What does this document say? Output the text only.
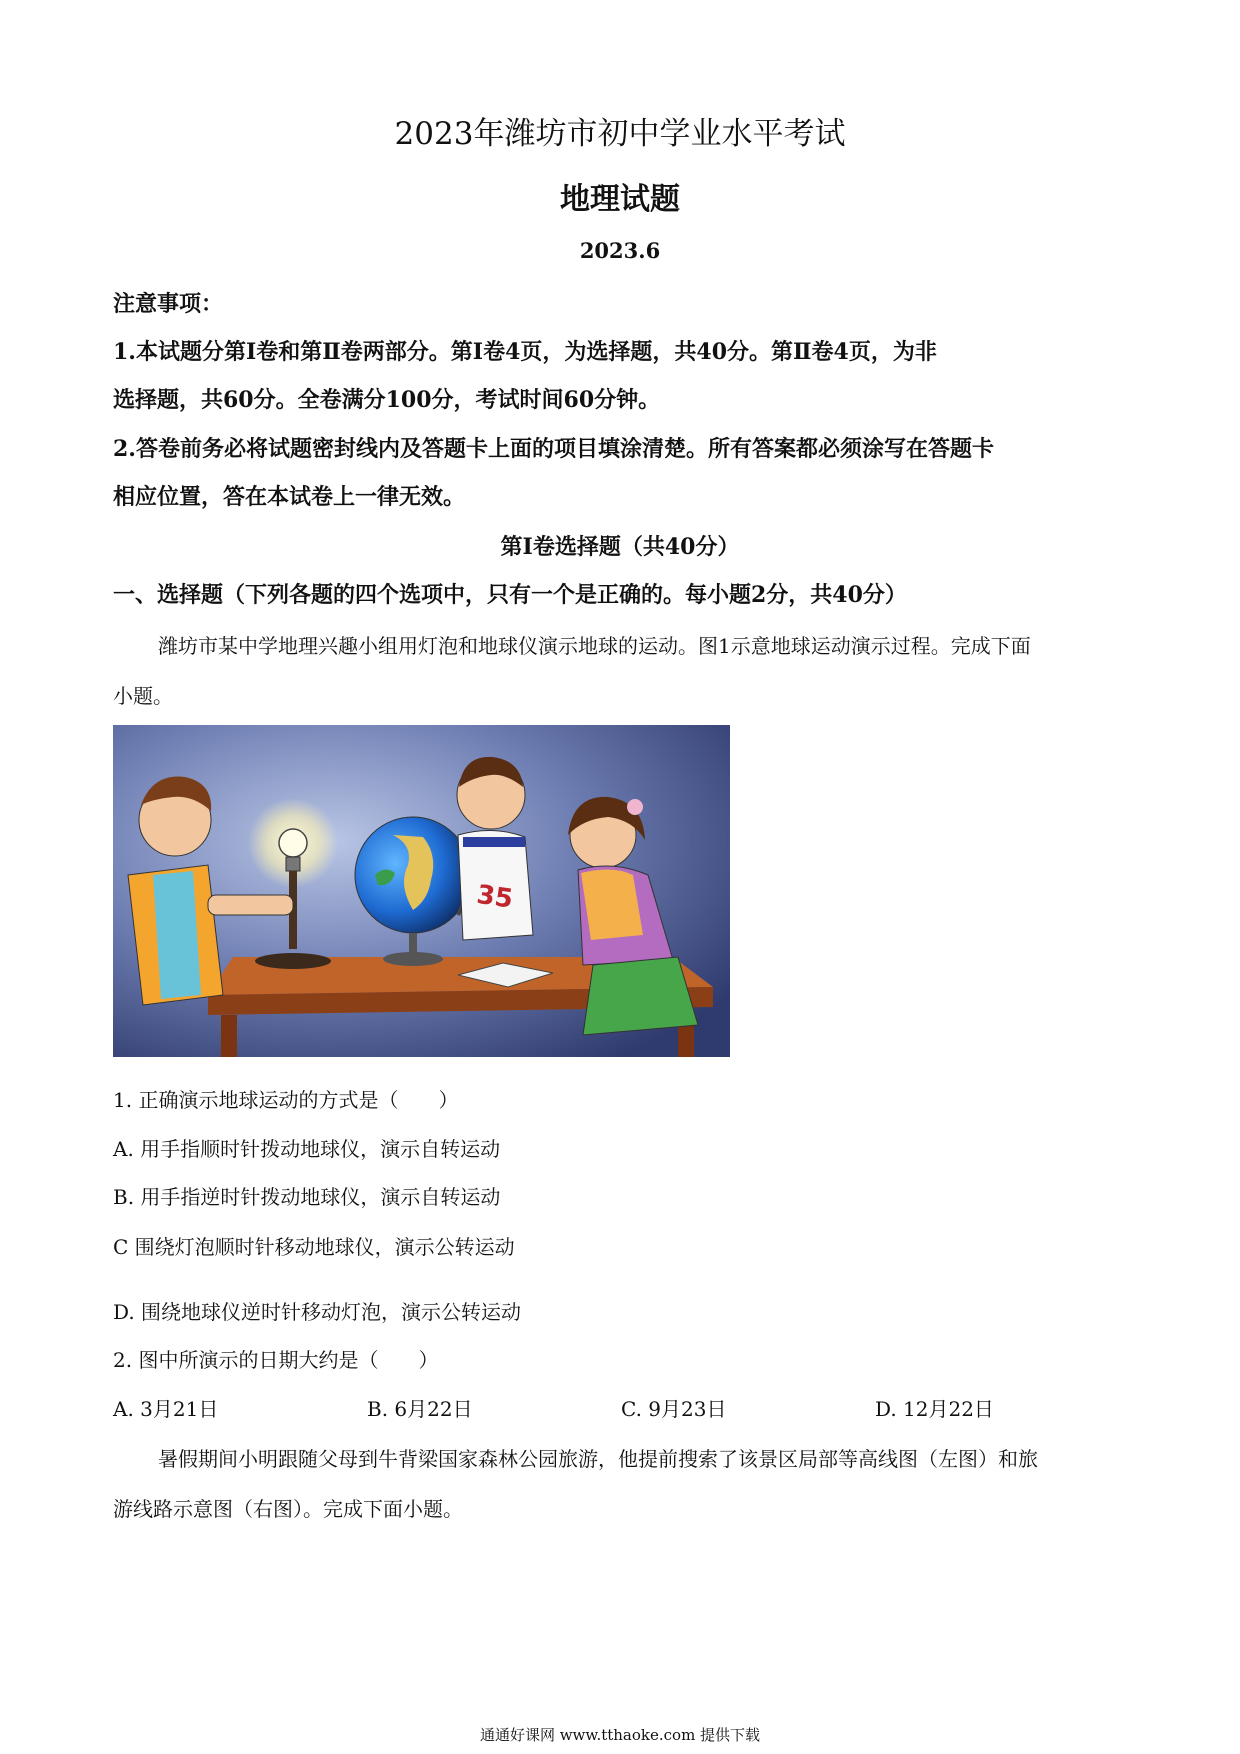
2023年潍坊市初中学业水平考试
地理试题
2023.6
注意事项：
1.本试题分第Ⅰ卷和第Ⅱ卷两部分。第Ⅰ卷4页，为选择题，共40分。第Ⅱ卷4页，为非
选择题，共60分。全卷满分100分，考试时间60分钟。
2.答卷前务必将试题密封线内及答题卡上面的项目填涂清楚。所有答案都必须涂写在答题卡
相应位置，答在本试卷上一律无效。
第Ⅰ卷选择题（共40分）
一、选择题（下列各题的四个选项中，只有一个是正确的。每小题2分，共40分）
潍坊市某中学地理兴趣小组用灯泡和地球仪演示地球的运动。图1示意地球运动演示过程。完成下面
小题。
35
1. 正确演示地球运动的方式是（　　）
A. 用手指顺时针拨动地球仪，演示自转运动
B. 用手指逆时针拨动地球仪，演示自转运动
C 围绕灯泡顺时针移动地球仪，演示公转运动
D. 围绕地球仪逆时针移动灯泡，演示公转运动
2. 图中所演示的日期大约是（　　）
A. 3月21日	B. 6月22日	C. 9月23日	D. 12月22日
暑假期间小明跟随父母到牛背梁国家森林公园旅游，他提前搜索了该景区局部等高线图（左图）和旅
游线路示意图（右图）。完成下面小题。
通通好课网 www.tthaoke.com 提供下载
